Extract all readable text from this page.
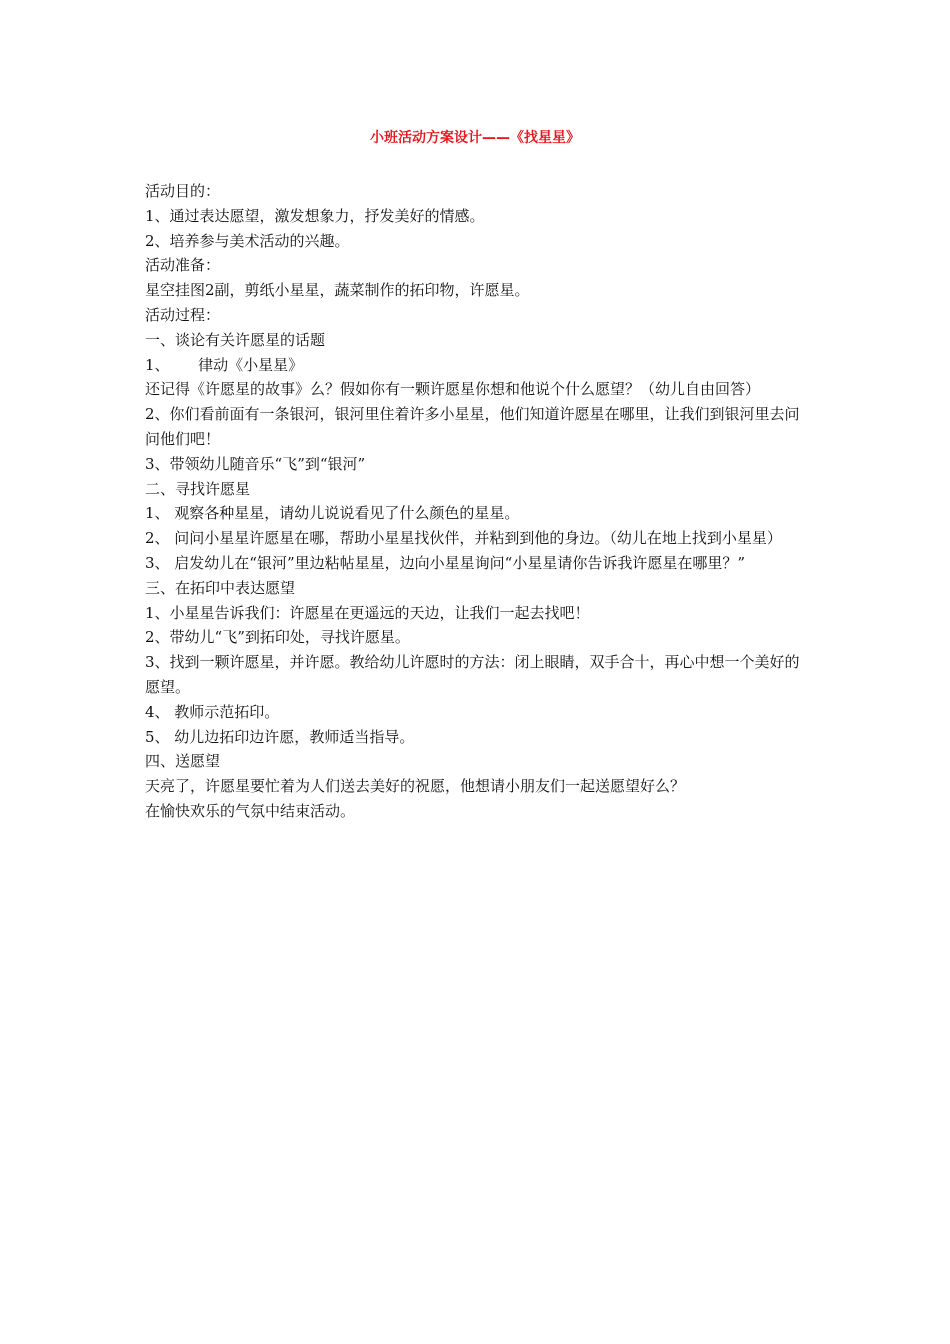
小班活动方案设计——《找星星》
活动目的：
1、通过表达愿望，激发想象力，抒发美好的情感。
2、培养参与美术活动的兴趣。
活动准备：
星空挂图2副，剪纸小星星，蔬菜制作的拓印物，许愿星。
活动过程：
一、谈论有关许愿星的话题
1、      律动《小星星》
还记得《许愿星的故事》么？假如你有一颗许愿星你想和他说个什么愿望？（幼儿自由回答）
2、你们看前面有一条银河，银河里住着许多小星星，他们知道许愿星在哪里，让我们到银河里去问问他们吧！
3、带领幼儿随音乐“飞”到“银河”
二、寻找许愿星
1、 观察各种星星，请幼儿说说看见了什么颜色的星星。
2、 问问小星星许愿星在哪，帮助小星星找伙伴，并粘到到他的身边。（幼儿在地上找到小星星）
3、 启发幼儿在“银河”里边粘帖星星，边向小星星询问“小星星请你告诉我许愿星在哪里？”
三、在拓印中表达愿望
1、小星星告诉我们：许愿星在更遥远的天边，让我们一起去找吧！
2、带幼儿“飞”到拓印处，寻找许愿星。
3、找到一颗许愿星，并许愿。教给幼儿许愿时的方法：闭上眼睛，双手合十，再心中想一个美好的愿望。
4、 教师示范拓印。
5、 幼儿边拓印边许愿，教师适当指导。
四、送愿望
天亮了，许愿星要忙着为人们送去美好的祝愿，他想请小朋友们一起送愿望好么？
在愉快欢乐的气氛中结束活动。
